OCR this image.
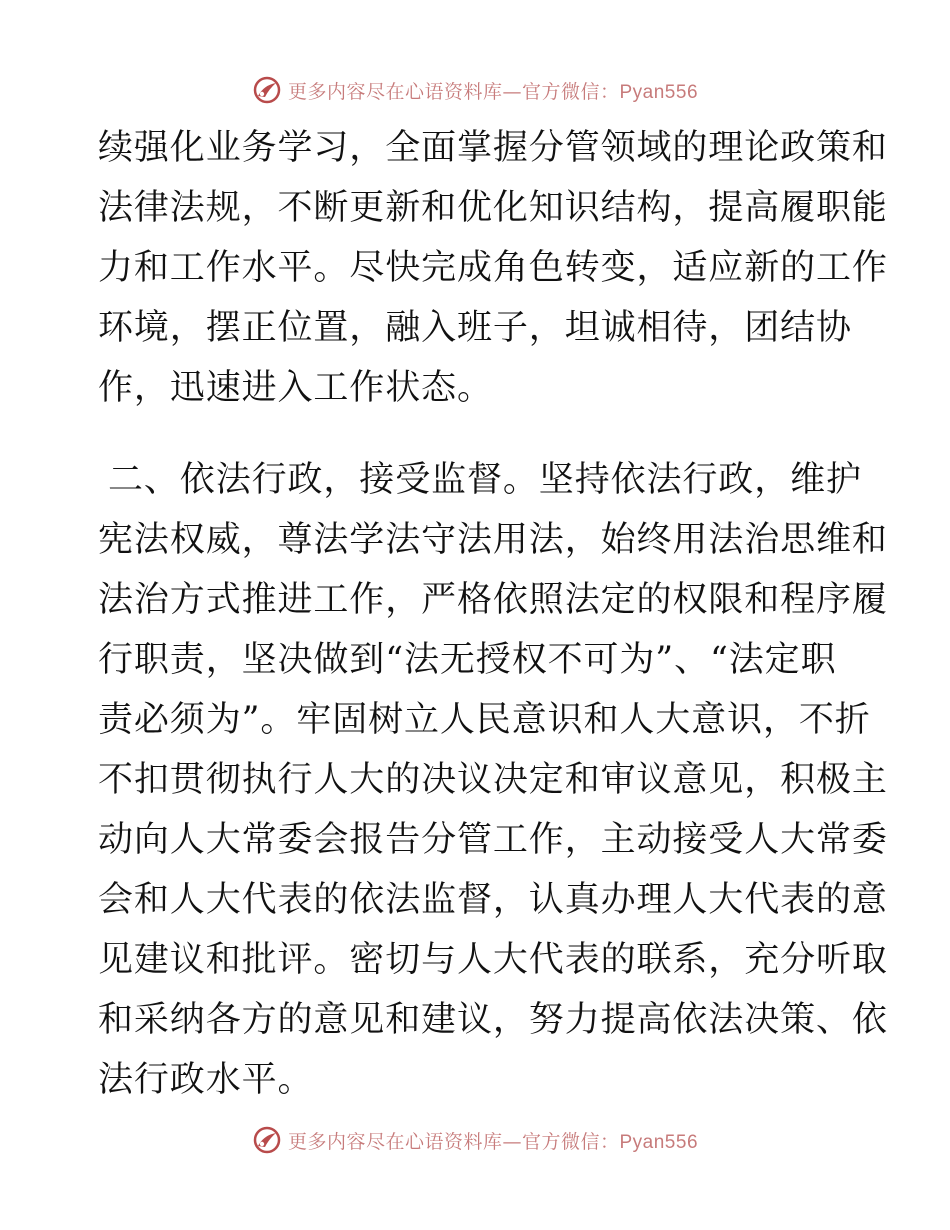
更多内容尽在心语资料库—官方微信：Pyan556
续强化业务学习，全面掌握分管领域的理论政策和
法律法规，不断更新和优化知识结构，提高履职能
力和工作水平。尽快完成角色转变，适应新的工作
环境，摆正位置，融入班子，坦诚相待，团结协
作，迅速进入工作状态。
二、依法行政，接受监督。坚持依法行政，维护
宪法权威，尊法学法守法用法，始终用法治思维和
法治方式推进工作，严格依照法定的权限和程序履
行职责，坚决做到“法无授权不可为”、“法定职
责必须为”。牢固树立人民意识和人大意识，不折
不扣贯彻执行人大的决议决定和审议意见，积极主
动向人大常委会报告分管工作，主动接受人大常委
会和人大代表的依法监督，认真办理人大代表的意
见建议和批评。密切与人大代表的联系，充分听取
和采纳各方的意见和建议，努力提高依法决策、依
法行政水平。
更多内容尽在心语资料库—官方微信：Pyan556
